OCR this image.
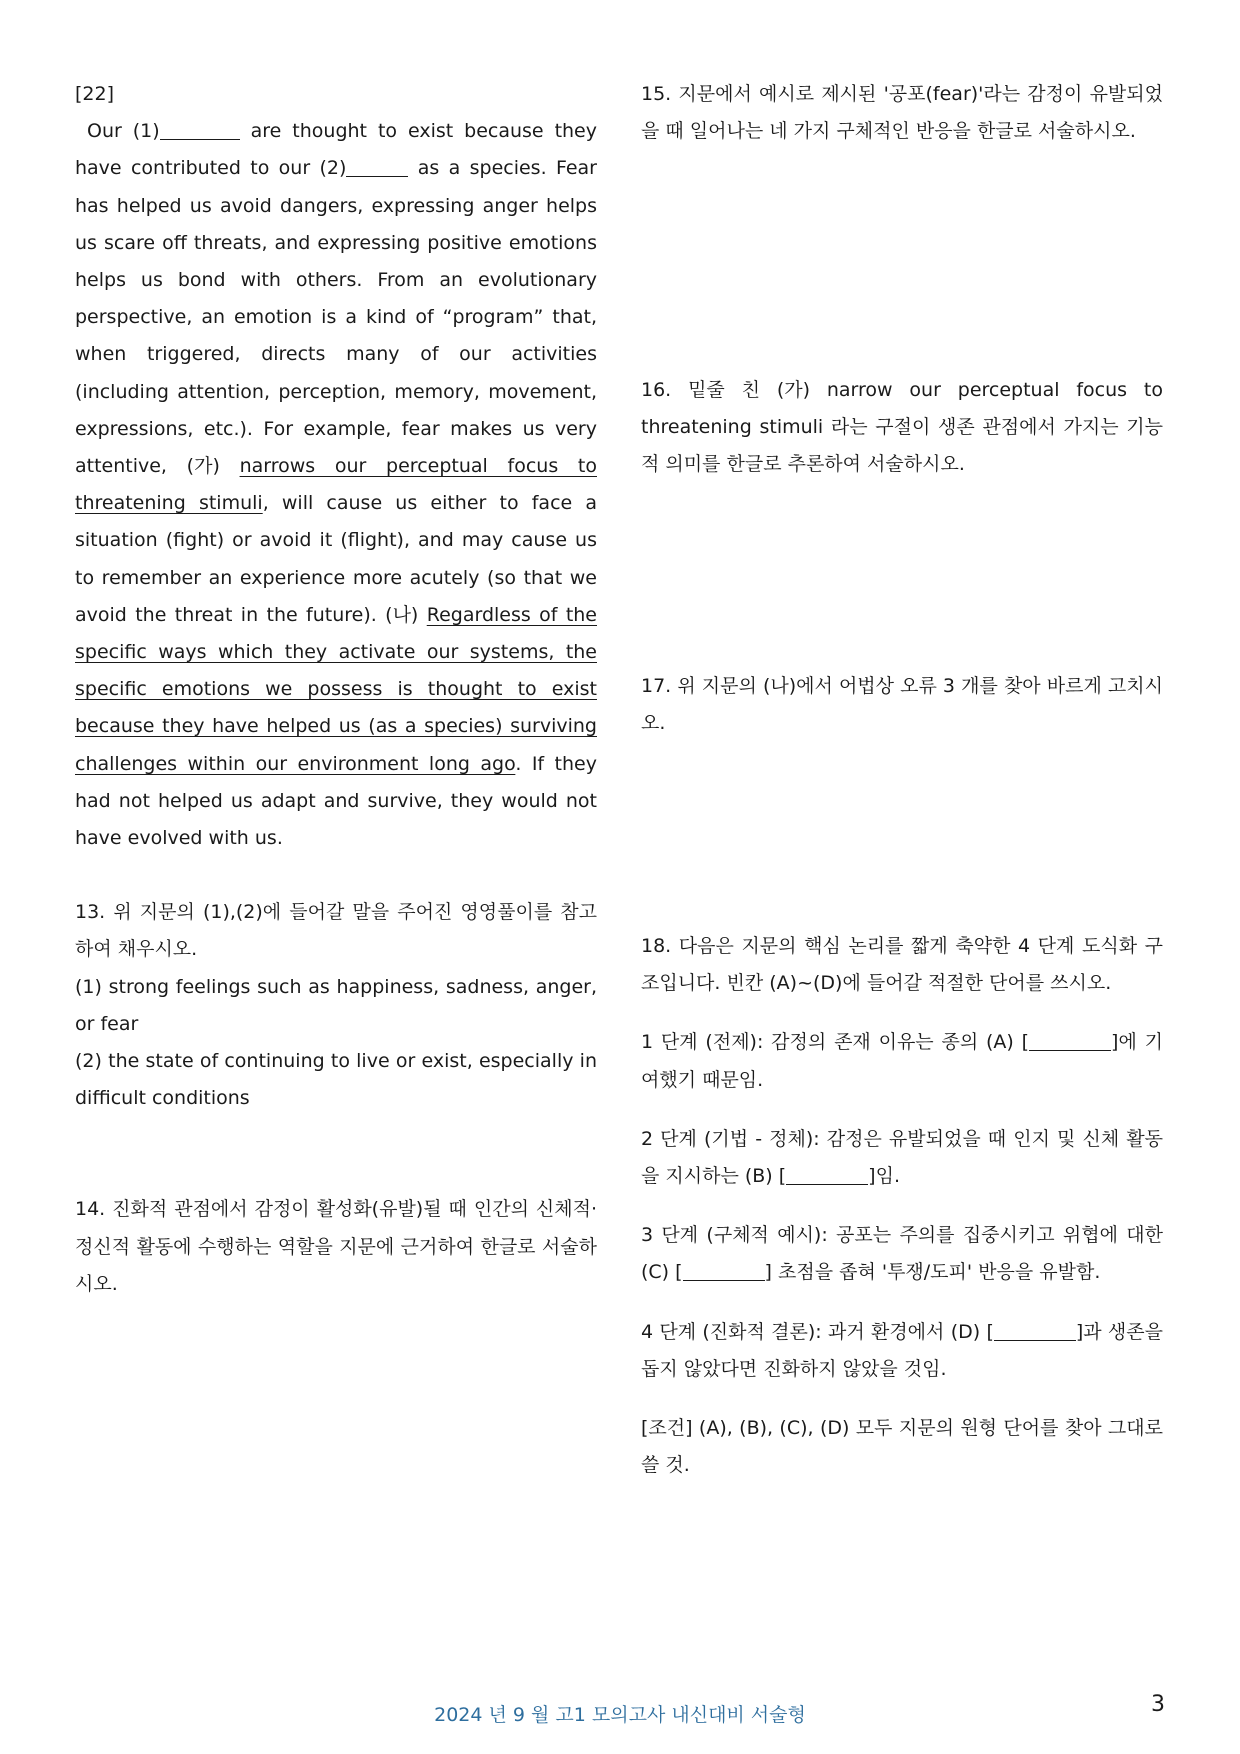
[22]
Our (1)	are thought to exist because they have contributed to our (2)	as a species. Fear has helped us avoid dangers, expressing anger helps us scare off threats, and expressing positive emotions helps us bond with others. From an evolutionary perspective, an emotion is a kind of “program” that, when triggered, directs many of our activities (including attention, perception, memory, movement, expressions, etc.). For example, fear makes us very attentive, (가) narrows our perceptual focus to threatening stimuli, will cause us either to face a situation (fight) or avoid it (flight), and may cause us to remember an experience more acutely (so that we avoid the threat in the future). (나) Regardless of the specific ways which they activate our systems, the specific emotions we possess is thought to exist because they have helped us (as a species) surviving challenges within our environment long ago. If they had not helped us adapt and survive, they would not have evolved with us.
13. 위 지문의 (1),(2)에 들어갈 말을 주어진 영영풀이를 참고하여 채우시오.
(1) strong feelings such as happiness, sadness, anger, or fear
(2) the state of continuing to live or exist, especially in difficult conditions
14. 진화적 관점에서 감정이 활성화(유발)될 때 인간의 신체적·정신적 활동에 수행하는 역할을 지문에 근거하여 한글로 서술하시오.
15. 지문에서 예시로 제시된 '공포(fear)'라는 감정이 유발되었을 때 일어나는 네 가지 구체적인 반응을 한글로 서술하시오.
16. 밑줄 친 (가) narrow our perceptual focus to threatening stimuli 라는 구절이 생존 관점에서 가지는 기능적 의미를 한글로 추론하여 서술하시오.
17. 위 지문의 (나)에서 어법상 오류 3 개를 찾아 바르게 고치시오.
18. 다음은 지문의 핵심 논리를 짧게 축약한 4 단계 도식화 구조입니다. 빈칸 (A)~(D)에 들어갈 적절한 단어를 쓰시오.
1 단계 (전제): 감정의 존재 이유는 종의 (A) [	]에 기여했기 때문임.
2 단계 (기법 - 정체): 감정은 유발되었을 때 인지 및 신체 활동을 지시하는 (B) [	]임.
3 단계 (구체적 예시): 공포는 주의를 집중시키고 위협에 대한 (C) [	] 초점을 좁혀 '투쟁/도피' 반응을 유발함.
4 단계 (진화적 결론): 과거 환경에서 (D) [	]과 생존을 돕지 않았다면 진화하지 않았을 것임.
[조건] (A), (B), (C), (D) 모두 지문의 원형 단어를 찾아 그대로 쓸 것.
2024 년 9 월 고1 모의고사 내신대비 서술형	3
